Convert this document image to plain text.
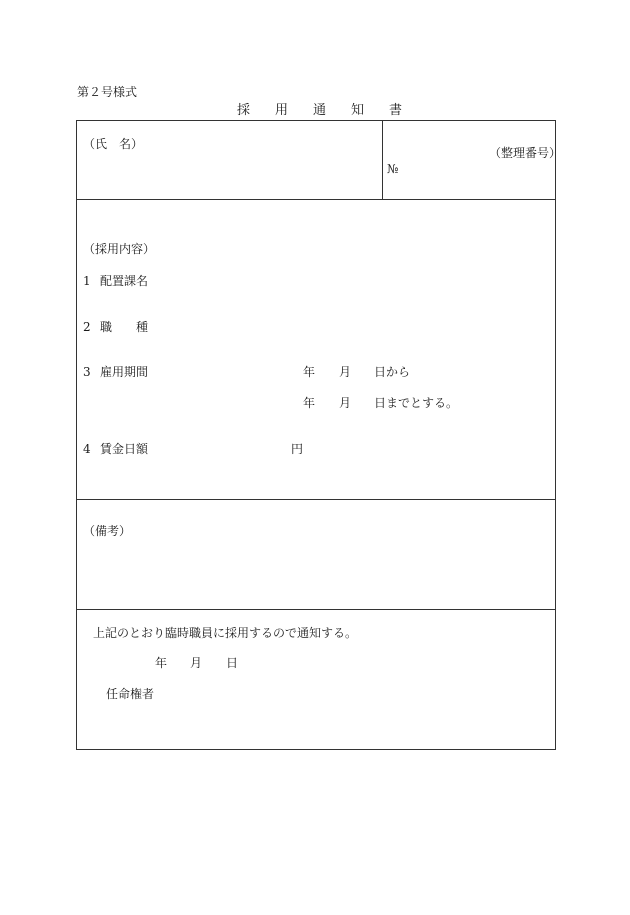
第２号様式
採用通知書
（氏　名）
（整理番号）
№
（採用内容）
1 配置課名
2 職　　種
3 雇用期間	年 月 日から
年 月 日までとする。
4 賃金日額	円
（備考）
上記のとおり臨時職員に採用するので通知する。
年 月 日
任命権者
